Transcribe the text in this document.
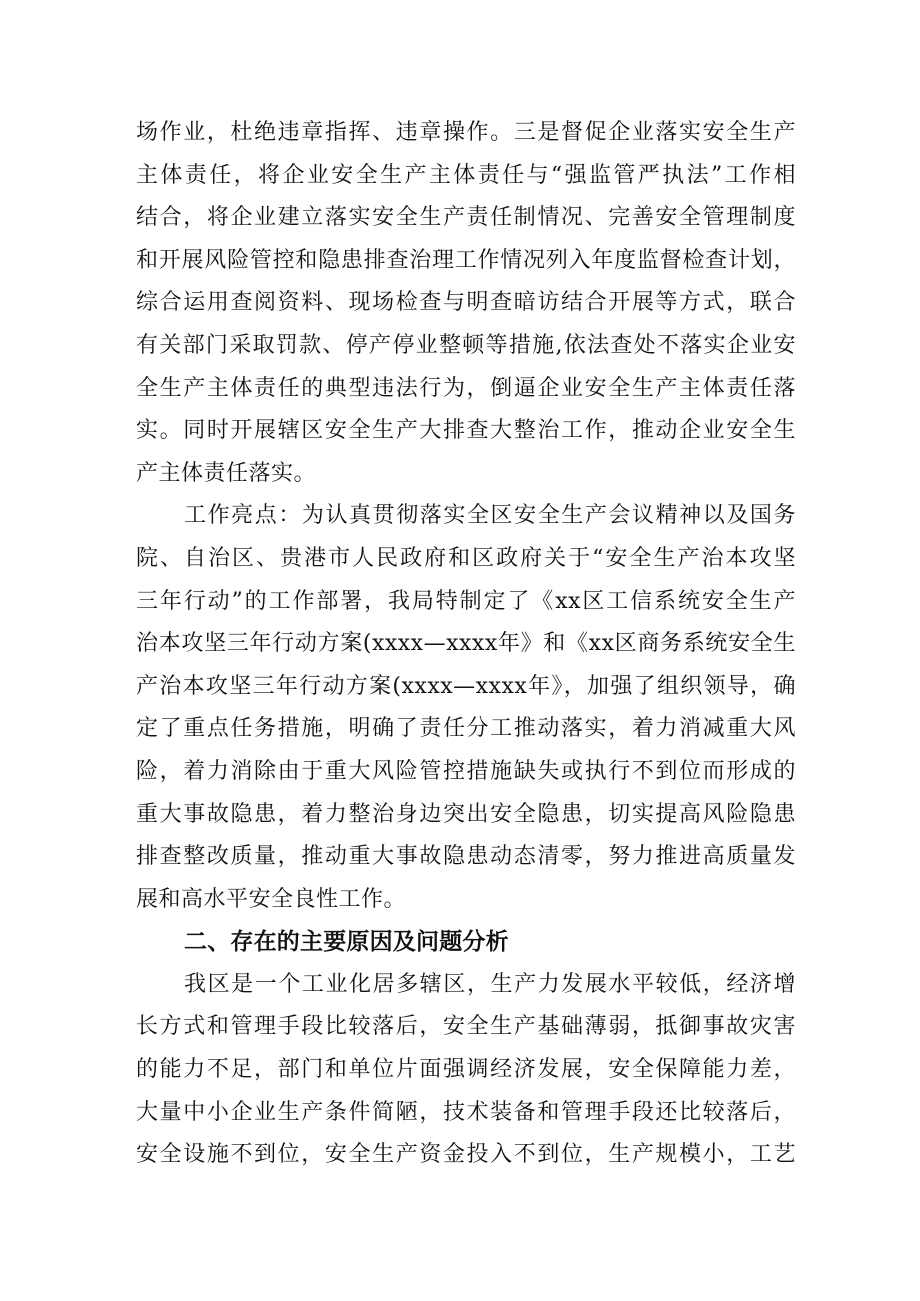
场作业，杜绝违章指挥、违章操作。三是督促企业落实安全生产
主体责任，将企业安全生产主体责任与“强监管严执法”工作相
结合，将企业建立落实安全生产责任制情况、完善安全管理制度
和开展风险管控和隐患排查治理工作情况列入年度监督检查计划，
综合运用查阅资料、现场检查与明查暗访结合开展等方式，联合
有关部门采取罚款、停产停业整顿等措施,依法查处不落实企业安
全生产主体责任的典型违法行为，倒逼企业安全生产主体责任落
实。同时开展辖区安全生产大排查大整治工作，推动企业安全生
产主体责任落实。
工作亮点：为认真贯彻落实全区安全生产会议精神以及国务
院、自治区、贵港市人民政府和区政府关于“安全生产治本攻坚
三年行动”的工作部署，我局特制定了《xx区工信系统安全生产
治本攻坚三年行动方案(xxxx—xxxx年》和《xx区商务系统安全生
产治本攻坚三年行动方案(xxxx—xxxx年》，加强了组织领导，确
定了重点任务措施，明确了责任分工推动落实，着力消减重大风
险，着力消除由于重大风险管控措施缺失或执行不到位而形成的
重大事故隐患，着力整治身边突出安全隐患，切实提高风险隐患
排查整改质量，推动重大事故隐患动态清零，努力推进高质量发
展和高水平安全良性工作。
二、存在的主要原因及问题分析
我区是一个工业化居多辖区，生产力发展水平较低，经济增
长方式和管理手段比较落后，安全生产基础薄弱，抵御事故灾害
的能力不足，部门和单位片面强调经济发展，安全保障能力差，
大量中小企业生产条件简陋，技术装备和管理手段还比较落后，
安全设施不到位，安全生产资金投入不到位，生产规模小，工艺
